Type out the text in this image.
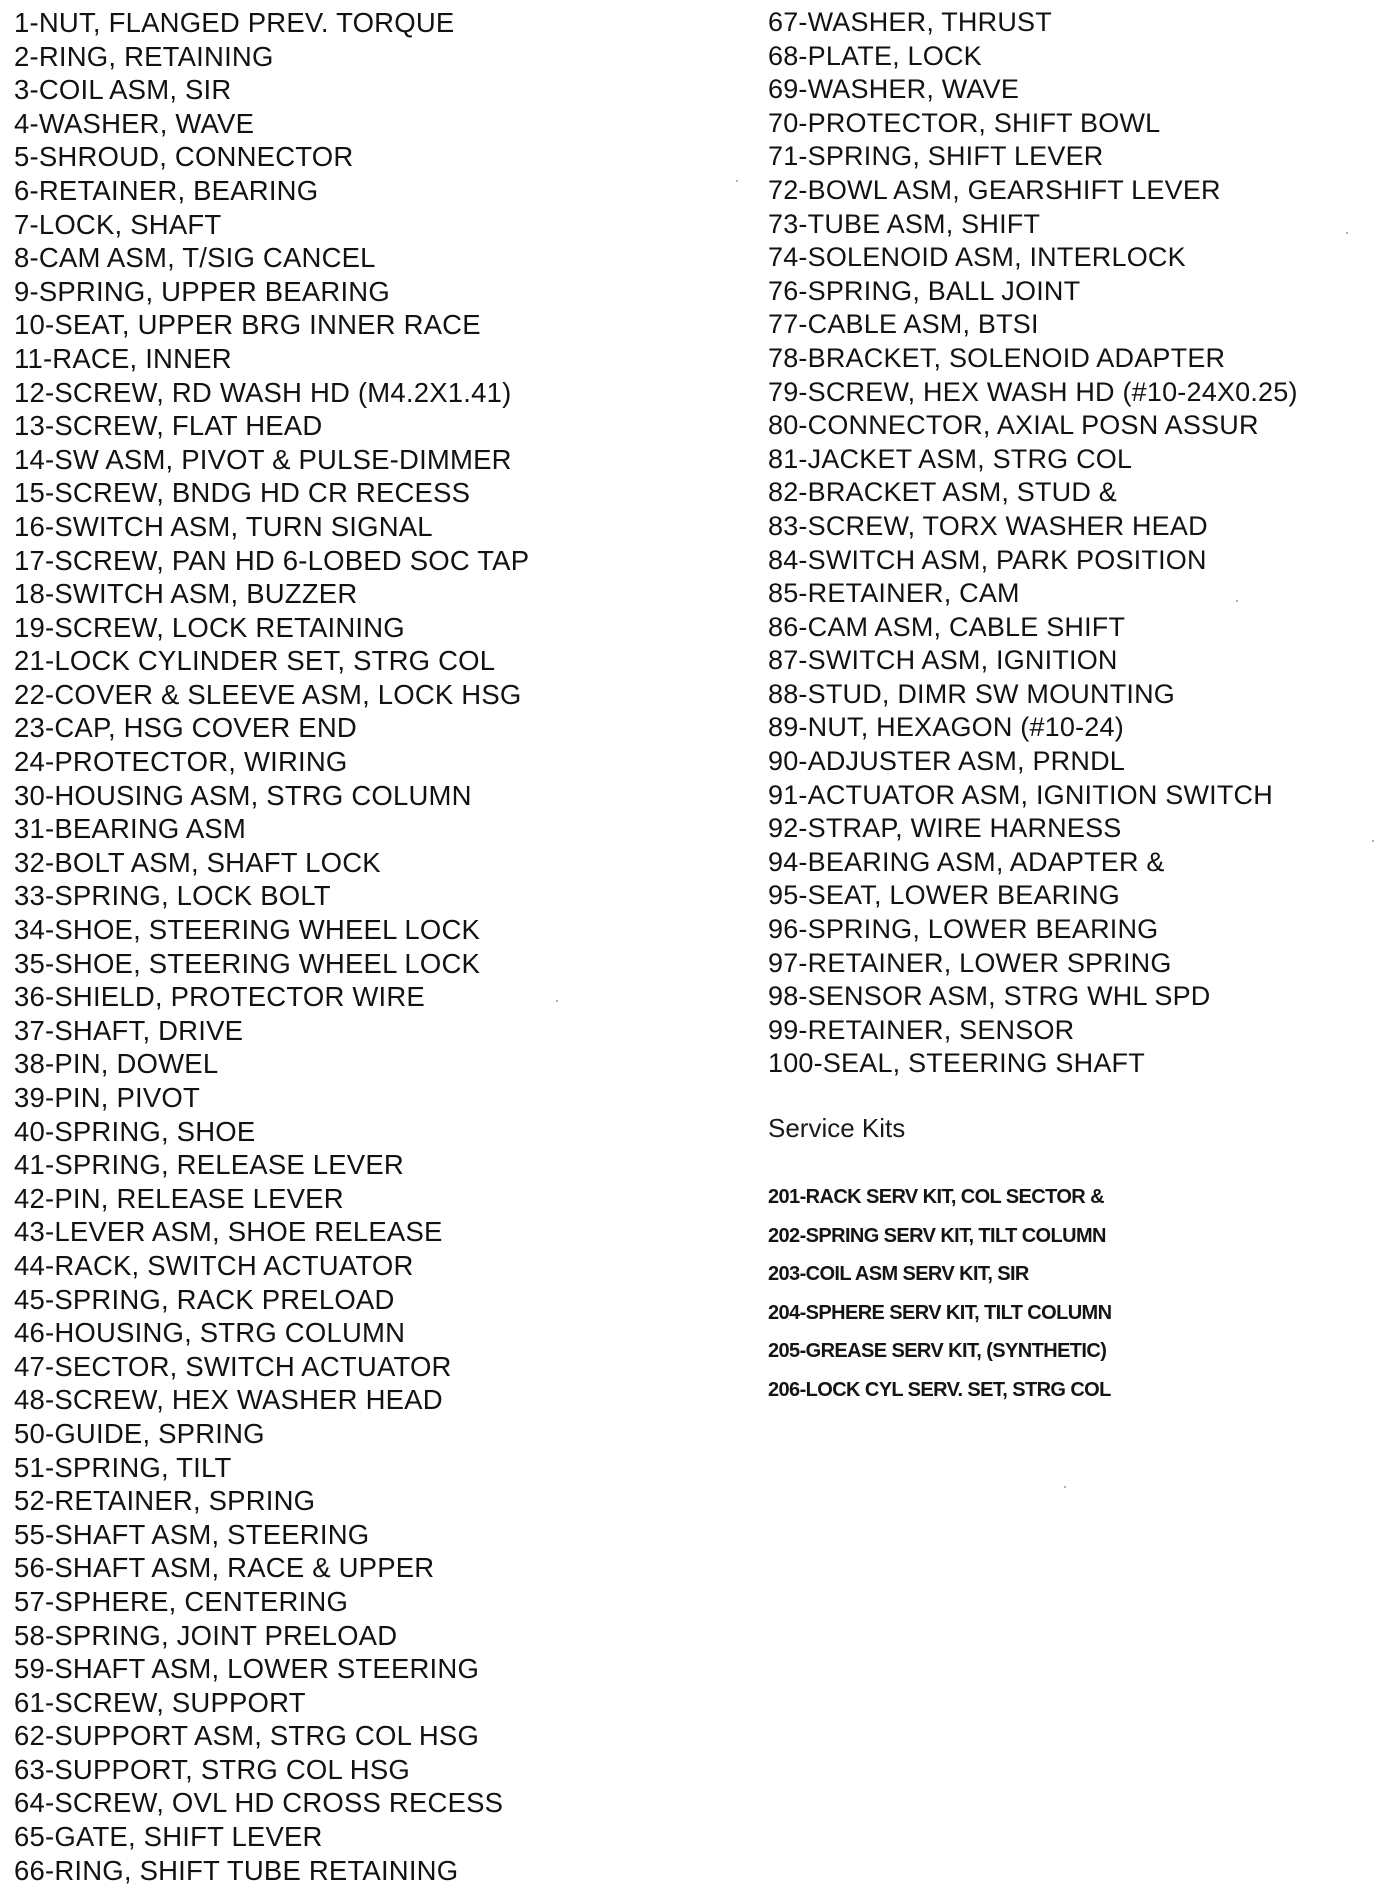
1-NUT, FLANGED PREV. TORQUE
2-RING, RETAINING
3-COIL ASM, SIR
4-WASHER, WAVE
5-SHROUD, CONNECTOR
6-RETAINER, BEARING
7-LOCK, SHAFT
8-CAM ASM, T/SIG CANCEL
9-SPRING, UPPER BEARING
10-SEAT, UPPER BRG INNER RACE
11-RACE, INNER
12-SCREW, RD WASH HD (M4.2X1.41)
13-SCREW, FLAT HEAD
14-SW ASM, PIVOT & PULSE-DIMMER
15-SCREW, BNDG HD CR RECESS
16-SWITCH ASM, TURN SIGNAL
17-SCREW, PAN HD 6-LOBED SOC TAP
18-SWITCH ASM, BUZZER
19-SCREW, LOCK RETAINING
21-LOCK CYLINDER SET, STRG COL
22-COVER & SLEEVE ASM, LOCK HSG
23-CAP, HSG COVER END
24-PROTECTOR, WIRING
30-HOUSING ASM, STRG COLUMN
31-BEARING ASM
32-BOLT ASM, SHAFT LOCK
33-SPRING, LOCK BOLT
34-SHOE, STEERING WHEEL LOCK
35-SHOE, STEERING WHEEL LOCK
36-SHIELD, PROTECTOR WIRE
37-SHAFT, DRIVE
38-PIN, DOWEL
39-PIN, PIVOT
40-SPRING, SHOE
41-SPRING, RELEASE LEVER
42-PIN, RELEASE LEVER
43-LEVER ASM, SHOE RELEASE
44-RACK, SWITCH ACTUATOR
45-SPRING, RACK PRELOAD
46-HOUSING, STRG COLUMN
47-SECTOR, SWITCH ACTUATOR
48-SCREW, HEX WASHER HEAD
50-GUIDE, SPRING
51-SPRING, TILT
52-RETAINER, SPRING
55-SHAFT ASM, STEERING
56-SHAFT ASM, RACE & UPPER
57-SPHERE, CENTERING
58-SPRING, JOINT PRELOAD
59-SHAFT ASM, LOWER STEERING
61-SCREW, SUPPORT
62-SUPPORT ASM, STRG COL HSG
63-SUPPORT, STRG COL HSG
64-SCREW, OVL HD CROSS RECESS
65-GATE, SHIFT LEVER
66-RING, SHIFT TUBE RETAINING
67-WASHER, THRUST
68-PLATE, LOCK
69-WASHER, WAVE
70-PROTECTOR, SHIFT BOWL
71-SPRING, SHIFT LEVER
72-BOWL ASM, GEARSHIFT LEVER
73-TUBE ASM, SHIFT
74-SOLENOID ASM, INTERLOCK
76-SPRING, BALL JOINT
77-CABLE ASM, BTSI
78-BRACKET, SOLENOID ADAPTER
79-SCREW, HEX WASH HD (#10-24X0.25)
80-CONNECTOR, AXIAL POSN ASSUR
81-JACKET ASM, STRG COL
82-BRACKET ASM, STUD &
83-SCREW, TORX WASHER HEAD
84-SWITCH ASM, PARK POSITION
85-RETAINER, CAM
86-CAM ASM, CABLE SHIFT
87-SWITCH ASM, IGNITION
88-STUD, DIMR SW MOUNTING
89-NUT, HEXAGON (#10-24)
90-ADJUSTER ASM, PRNDL
91-ACTUATOR ASM, IGNITION SWITCH
92-STRAP, WIRE HARNESS
94-BEARING ASM, ADAPTER &
95-SEAT, LOWER BEARING
96-SPRING, LOWER BEARING
97-RETAINER, LOWER SPRING
98-SENSOR ASM, STRG WHL SPD
99-RETAINER, SENSOR
100-SEAL, STEERING SHAFT
Service Kits
201-RACK SERV KIT, COL SECTOR &
202-SPRING SERV KIT, TILT COLUMN
203-COIL ASM SERV KIT, SIR
204-SPHERE SERV KIT, TILT COLUMN
205-GREASE SERV KIT, (SYNTHETIC)
206-LOCK CYL SERV. SET, STRG COL
